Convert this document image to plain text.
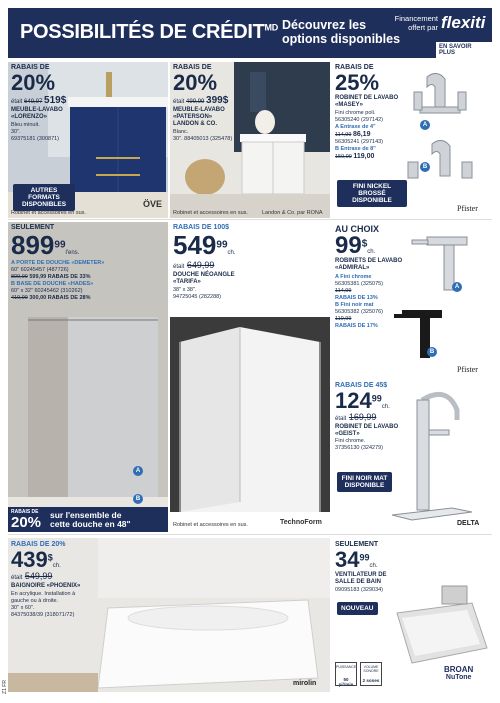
POSSIBILITÉS DE $CRÉDIT^{MD}$ Découvrez les
options disponibles
Financement
offert par flexiti
EN SAVOIR PLUS
RABAIS DE
20%
était 649,97 519$
MEUBLE-LAVABO
«LORENZO»
Bleu minuit.
30".
69375181 (300871)
AUTRES FORMATS
DISPONIBLES	ÖVE
Robinet et accessoires en sus.
RABAIS DE
20%
était 499,99 399$
MEUBLE-LAVABO
«PATERSON»
LANDON & CO.
Blanc.
30". 88405013 (325478)
Robinet et accessoires en sus.	Landon & Co. par RONA
RABAIS DE
25%
ROBINET DE LAVABO
«MASEY»
Fini chrome poli.
56305240 (297142)
A Entraxe de 4"
114,99 86,19
56305241 (297143)
B Entraxe de 8"
159,99 119,00
A
B
FINI NICKEL
BROSSÉ DISPONIBLE
Pfister
SEULEMENT
$899^{99}l'ens$.
A PORTE DE DOUCHE «DEMETER»
60" 60245457 (487726)
899,99 599,99 RABAIS DE 33%
B BASE DE DOUCHE «HADES»
60" x 32" 60245462 (310262)
419,99 300,00 RABAIS DE 28%
A
B
RABAIS DE
20% sur l'ensemble de
cette douche en 48"
RABAIS DE 100$
$549^{99}ch$.
était 649,99
DOUCHE NÉOANGLE
«TARIFA»
38" x 38".
94725045 (282288)
Robinet et accessoires en sus.	TechnoForm
AU CHOIX
99$ch.
ROBINETS DE LAVABO
«ADMIRAL»
A Fini chrome
56305381 (325075)
114,99
RABAIS DE 13%
B Fini noir mat
56305382 (325076)
119,99
RABAIS DE 17%
A
B
Pfister
RABAIS DE 45$
$124^{99}ch$.
était 169,99
ROBINET DE LAVABO
«GEIST»
Fini chrome.
37356130 (324279)
FINI NOIR MAT
DISPONIBLE
DELTA
RABAIS DE 20%
439$ch.
était 549,99
BAIGNOIRE «PHOENIX»
En acrylique. Installation à
gauche ou à droite.
30" x 60".
84375038/39 (318071/72)
mirolin
SEULEMENT
$34^{99}ch$.
VENTILATEUR DE
SALLE DE BAIN
09095183 (329034)
NOUVEAU
PUISSANCE
50 pi³/min
VOLUME SONORE
2 sones
BROAN
NuTone
Z1 FR
